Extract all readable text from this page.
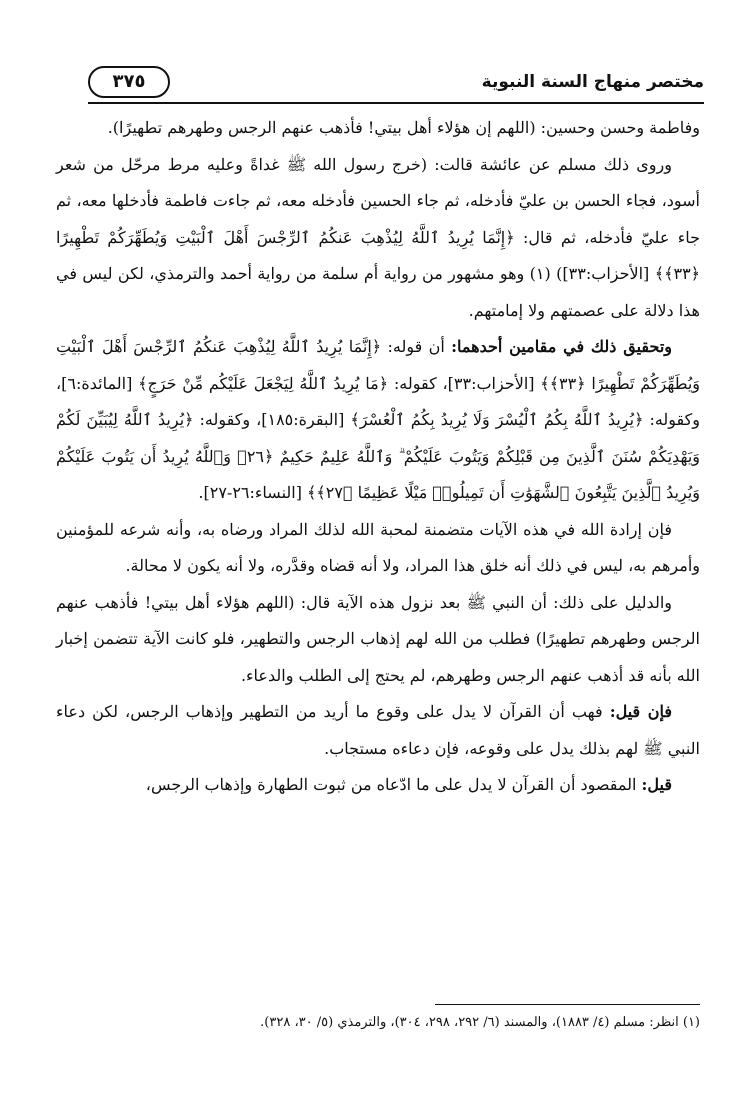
مختصر منهاج السنة النبوية
٣٧٥

وفاطمة وحسن وحسين: (اللهم إن هؤلاء أهل بيتي! فأذهب عنهم الرجس وطهرهم تطهيرًا).

وروى ذلك مسلم عن عائشة قالت: (خرج رسول الله ﷺ غداةً وعليه مرط مرحّل من شعر أسود، فجاء الحسن بن عليّ فأدخله، ثم جاء الحسين فأدخله معه، ثم جاءت فاطمة فأدخلها معه، ثم جاء عليّ فأدخله، ثم قال: ﴿إِنَّمَا يُرِيدُ ٱللَّهُ لِيُذْهِبَ عَنكُمُ ٱلرِّجْسَ أَهْلَ ٱلْبَيْتِ وَيُطَهِّرَكُمْ تَطْهِيرًا ﴿٣٣﴾﴾ [الأحزاب:٣٣]) (١) وهو مشهور من رواية أم سلمة من رواية أحمد والترمذي، لكن ليس في هذا دلالة على عصمتهم ولا إمامتهم.

وتحقيق ذلك في مقامين أحدهما: أن قوله: ﴿إِنَّمَا يُرِيدُ ٱللَّهُ لِيُذْهِبَ عَنكُمُ ٱلرِّجْسَ أَهْلَ ٱلْبَيْتِ وَيُطَهِّرَكُمْ تَطْهِيرًا ﴿٣٣﴾﴾ [الأحزاب:٣٣]، كقوله: ﴿مَا يُرِيدُ ٱللَّهُ لِيَجْعَلَ عَلَيْكُم مِّنْ حَرَجٍ﴾ [المائدة:٦]، وكقوله: ﴿يُرِيدُ ٱللَّهُ بِكُمُ ٱلْيُسْرَ وَلَا يُرِيدُ بِكُمُ ٱلْعُسْرَ﴾ [البقرة:١٨٥]، وكقوله: ﴿يُرِيدُ ٱللَّهُ لِيُبَيِّنَ لَكُمْ وَيَهْدِيَكُمْ سُنَنَ ٱلَّذِينَ مِن قَبْلِكُمْ وَيَتُوبَ عَلَيْكُمْ ۗ وَٱللَّهُ عَلِيمٌ حَكِيمٌ ﴿٢٦﴾ وَٱللَّهُ يُرِيدُ أَن يَتُوبَ عَلَيْكُمْ وَيُرِيدُ ٱلَّذِينَ يَتَّبِعُونَ ٱلشَّهَوَٰتِ أَن تَمِيلُوا۟ مَيْلًا عَظِيمًا ﴿٢٧﴾﴾ [النساء:٢٦-٢٧].

فإن إرادة الله في هذه الآيات متضمنة لمحبة الله لذلك المراد ورضاه به، وأنه شرعه للمؤمنين وأمرهم به، ليس في ذلك أنه خلق هذا المراد، ولا أنه قضاه وقدَّره، ولا أنه يكون لا محالة.

والدليل على ذلك: أن النبي ﷺ بعد نزول هذه الآية قال: (اللهم هؤلاء أهل بيتي! فأذهب عنهم الرجس وطهرهم تطهيرًا) فطلب من الله لهم إذهاب الرجس والتطهير، فلو كانت الآية تتضمن إخبار الله بأنه قد أذهب عنهم الرجس وطهرهم، لم يحتج إلى الطلب والدعاء.

فإن قيل: فهب أن القرآن لا يدل على وقوع ما أريد من التطهير وإذهاب الرجس، لكن دعاء النبي ﷺ لهم بذلك يدل على وقوعه، فإن دعاءه مستجاب.

قيل: المقصود أن القرآن لا يدل على ما ادّعاه من ثبوت الطهارة وإذهاب الرجس،

(١) انظر: مسلم (٤/ ١٨٨٣)، والمسند (٦/ ٢٩٢، ٢٩٨، ٣٠٤)، والترمذي (٥/ ٣٠، ٣٢٨).
